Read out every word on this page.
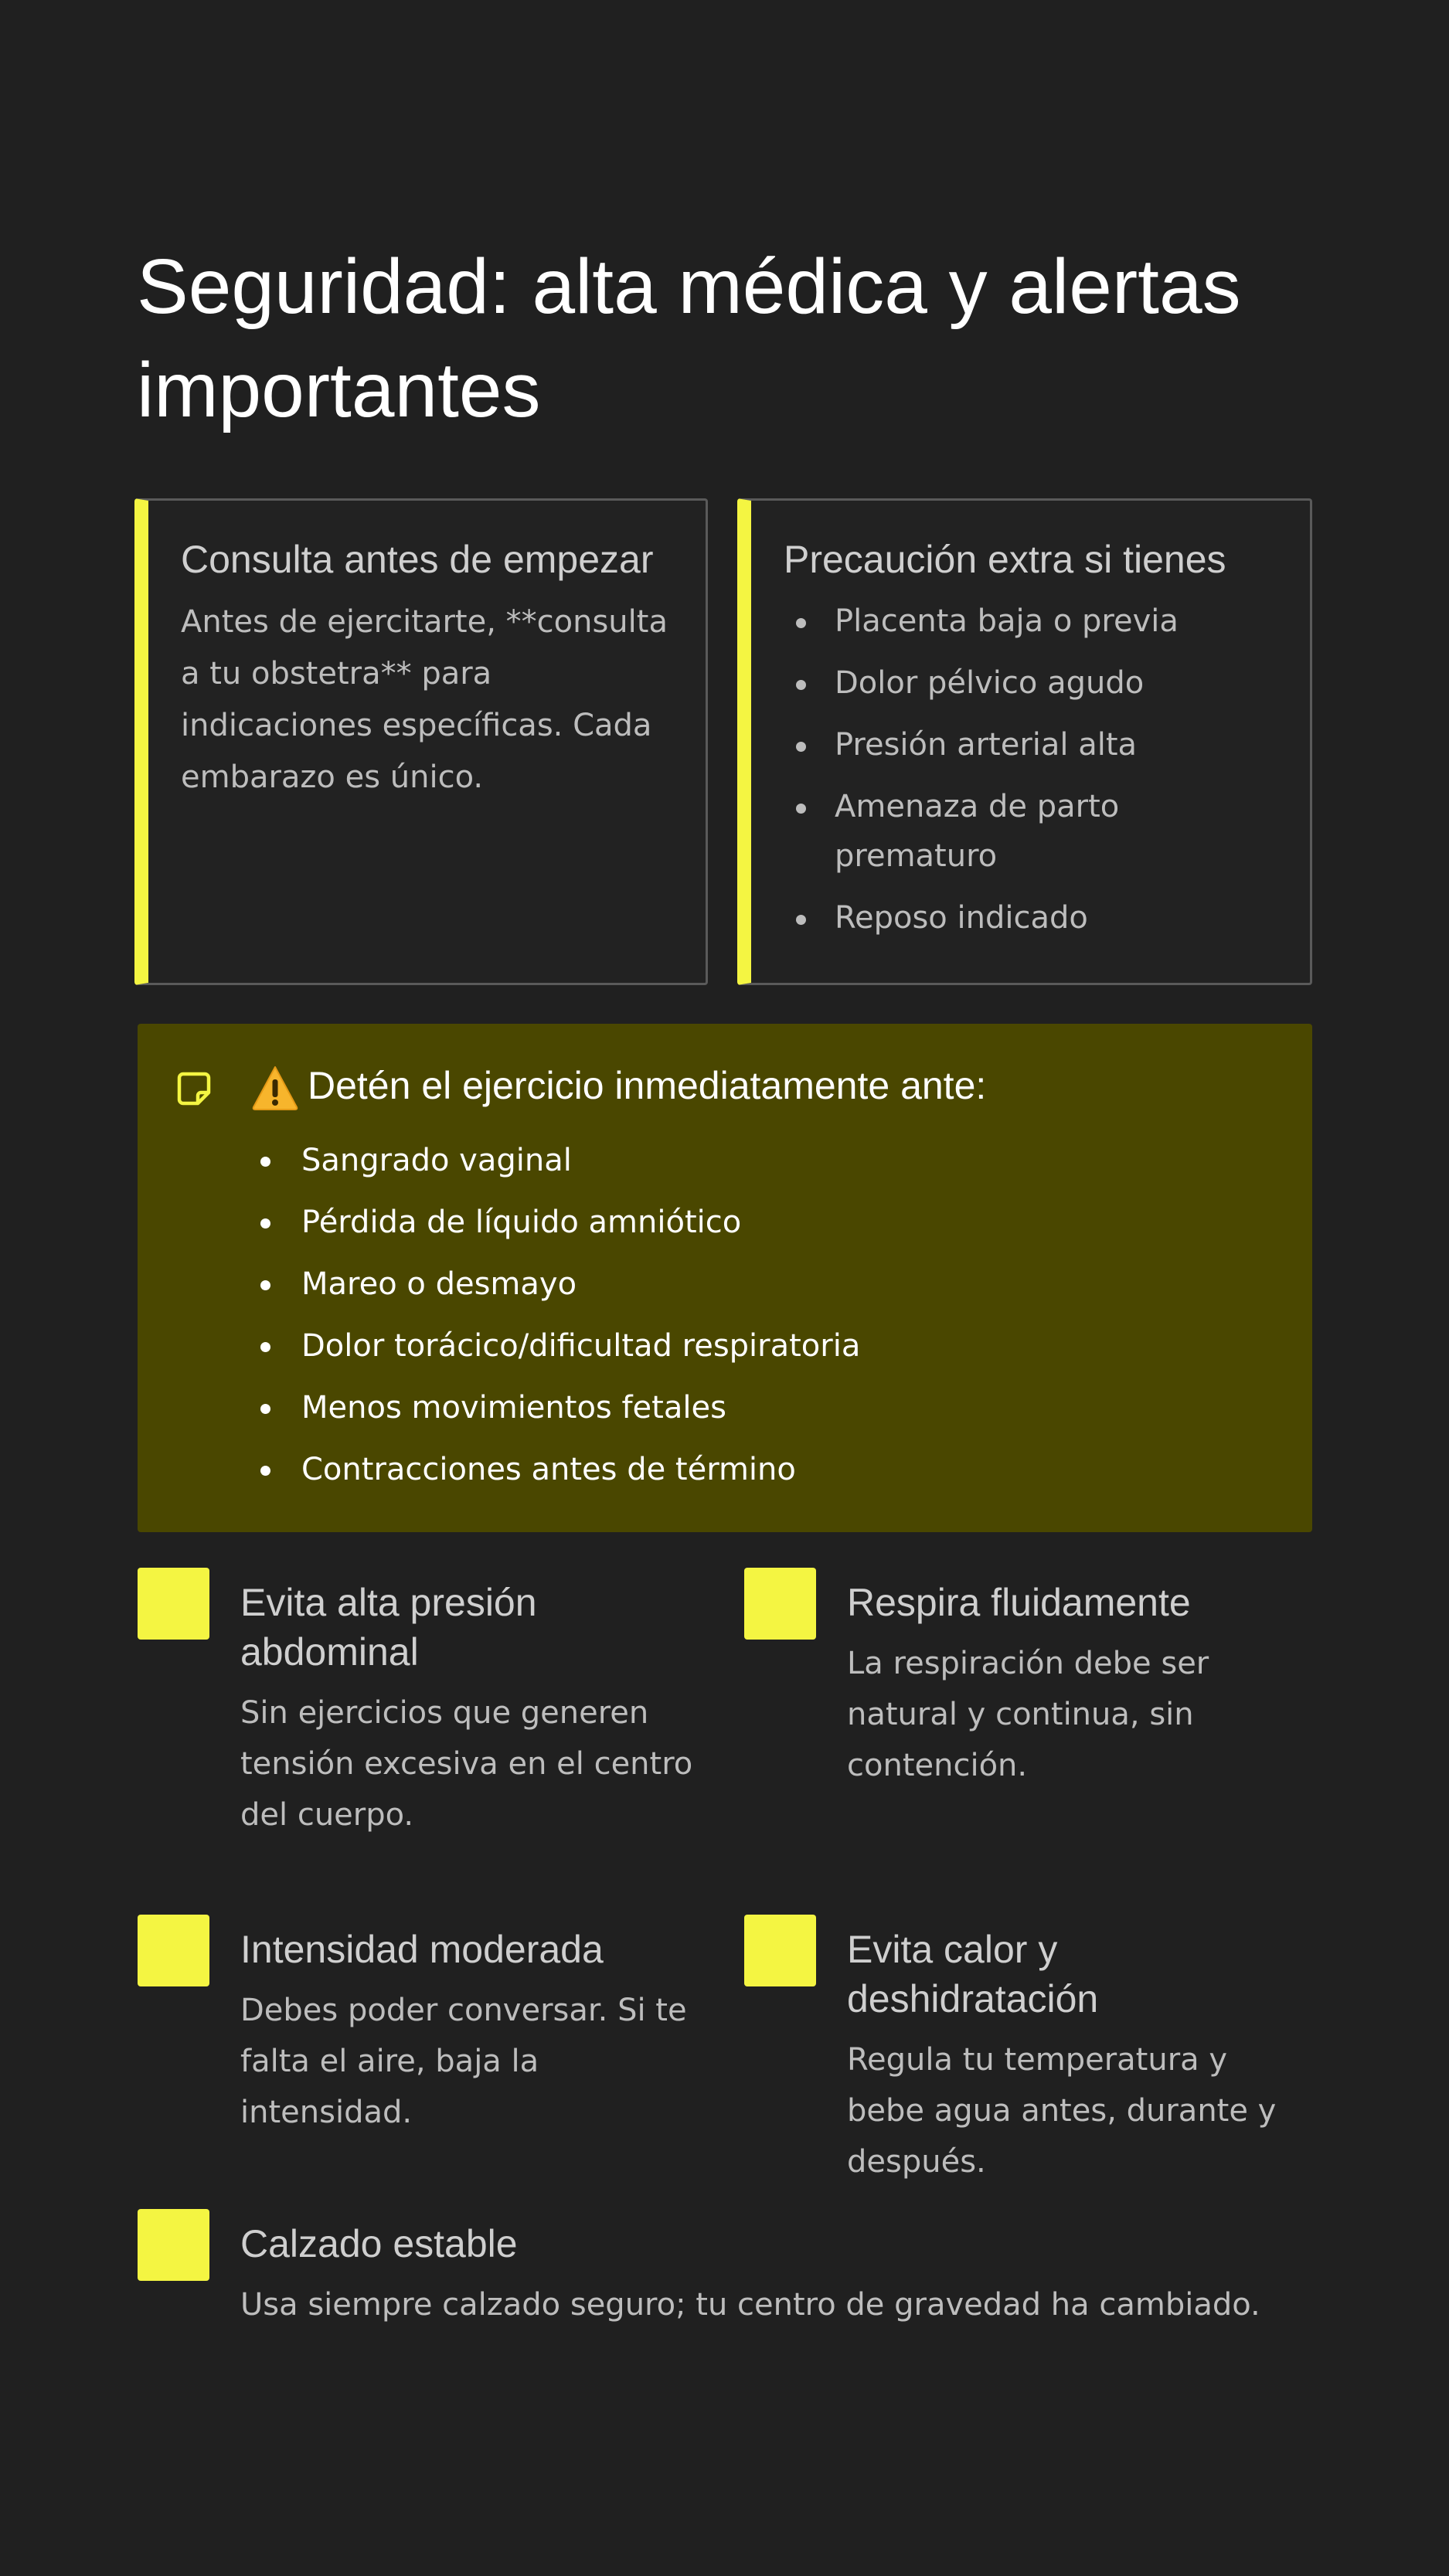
Seguridad: alta médica y alertas importantes
Consulta antes de empezar

Antes de ejercitarte, **consulta a tu obstetra** para indicaciones específicas. Cada embarazo es único.

Precaución extra si tienes
Placenta baja o previa
Dolor pélvico agudo
Presión arterial alta
Amenaza de parto prematuro
Reposo indicado
Detén el ejercicio inmediatamente ante:
Sangrado vaginal
Pérdida de líquido amniótico
Mareo o desmayo
Dolor torácico/dificultad respiratoria
Menos movimientos fetales
Contracciones antes de término
Evita alta presión abdominal

Sin ejercicios que generen tensión excesiva en el centro del cuerpo.

Respira fluidamente

La respiración debe ser natural y continua, sin contención.

Intensidad moderada

Debes poder conversar. Si te falta el aire, baja la intensidad.

Evita calor y deshidratación

Regula tu temperatura y bebe agua antes, durante y después.

Calzado estable

Usa siempre calzado seguro; tu centro de gravedad ha cambiado.
